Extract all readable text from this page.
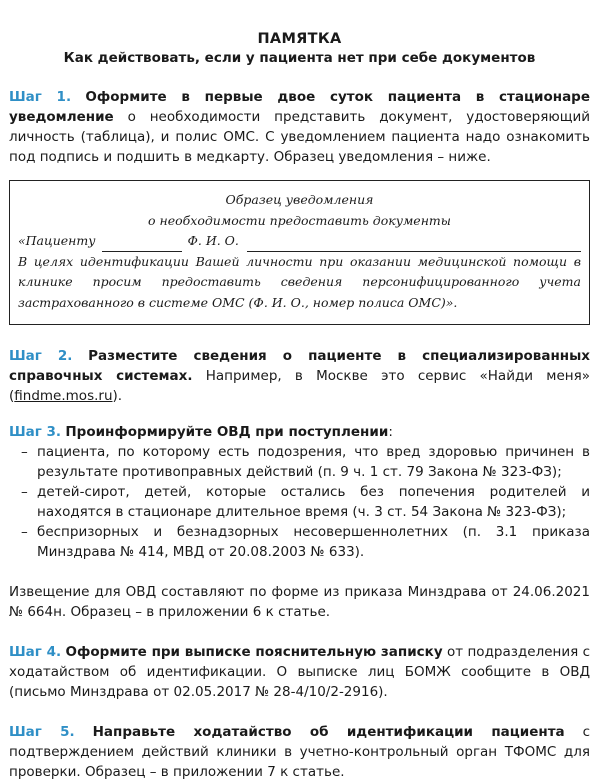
ПАМЯТКА

Как действовать, если у пациента нет при себе документов

Шаг 1. Оформите в первые двое суток пациента в стационаре уведомление о необходимости представить документ, удостоверяющий личность (таблица), и полис ОМС. С уведомлением пациента надо ознакомить под подпись и подшить в медкарту. Образец уведомления – ниже.

Образец уведомления
о необходимости предоставить документы
«Пациенту	Ф. И. О.
В целях идентификации Вашей личности при оказании медицинской помощи в клинике просим предоставить сведения персонифицированного учета застрахованного в системе ОМС (Ф. И. О., номер полиса ОМС)».

Шаг 2. Разместите сведения о пациенте в специализированных справочных системах. Например, в Москве это сервис «Найди меня» (findme.mos.ru).

Шаг 3. Проинформируйте ОВД при поступлении:

– пациента, по которому есть подозрения, что вред здоровью причинен в результате противоправных действий (п. 9 ч. 1 ст. 79 Закона № 323-ФЗ);
– детей-сирот, детей, которые остались без попечения родителей и находятся в стационаре длительное время (ч. 3 ст. 54 Закона № 323-ФЗ);
– беспризорных и безнадзорных несовершеннолетних (п. 3.1 приказа Минздрава № 414, МВД от 20.08.2003 № 633).

Извещение для ОВД составляют по форме из приказа Минздрава от 24.06.2021 № 664н. Образец – в приложении 6 к статье.

Шаг 4. Оформите при выписке пояснительную записку от подразделения с ходатайством об идентификации. О выписке лиц БОМЖ сообщите в ОВД (письмо Минздрава от 02.05.2017 № 28-4/10/2-2916).

Шаг 5. Направьте ходатайство об идентификации пациента с подтверждением действий клиники в учетно-контрольный орган ТФОМС для проверки. Образец – в приложении 7 к статье.
